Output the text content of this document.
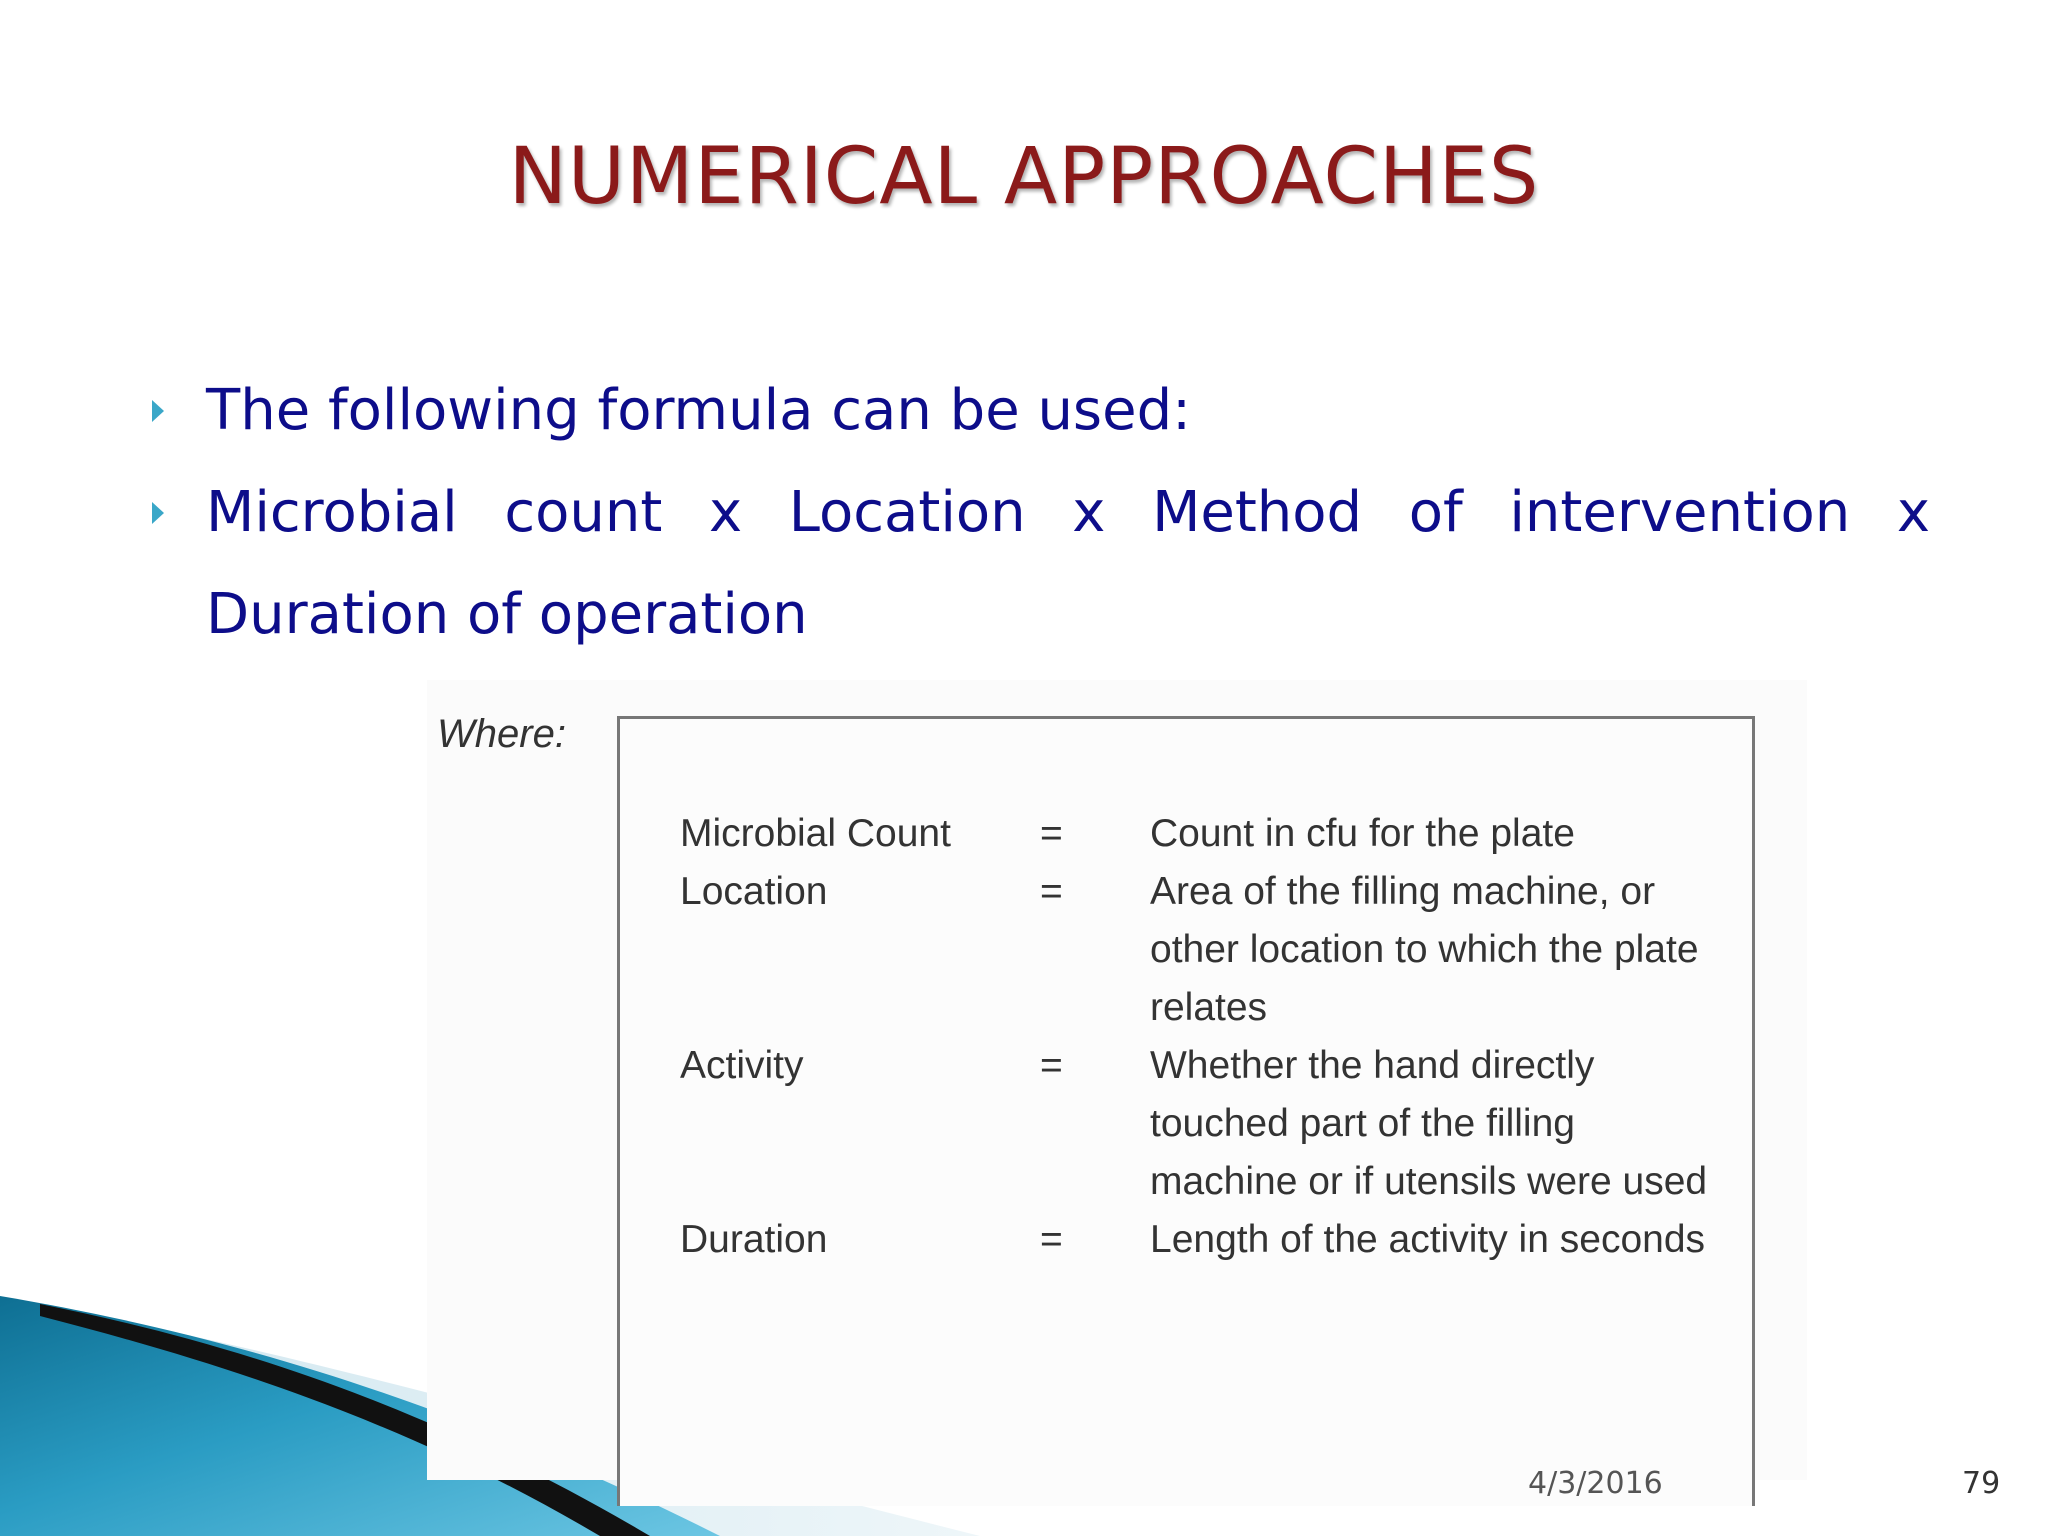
NUMERICAL APPROACHES
The following formula can be used:
Microbial count x Location x Method of intervention x Duration of operation
Where:
Microbial Count	=	Count in cfu for the plate
Location	=	Area of the filling machine, or other location to which the plate relates
Activity	=	Whether the hand directly touched part of the filling machine or if utensils were used
Duration	=	Length of the activity in seconds
4/3/2016	79
